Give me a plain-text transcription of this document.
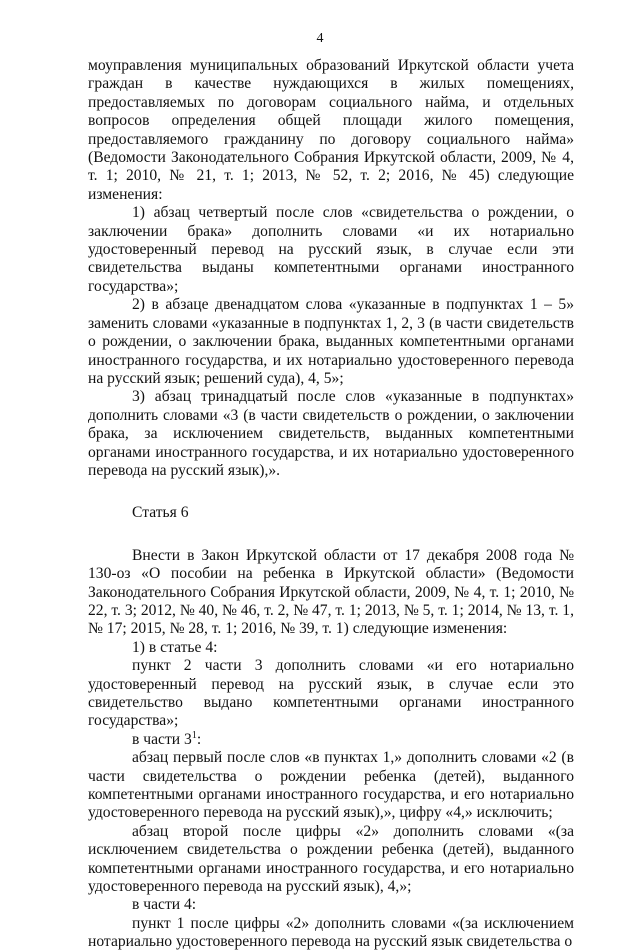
4

моуправления муниципальных образований Иркутской области учета граждан в качестве нуждающихся в жилых помещениях, предоставляемых по договорам социального найма, и отдельных вопросов определения общей площади жилого помещения, предоставляемого гражданину по договору социального найма» (Ведомости Законодательного Собрания Иркутской области, 2009, № 4, т. 1; 2010, № 21, т. 1; 2013, № 52, т. 2; 2016, № 45) следующие изменения:

1) абзац четвертый после слов «свидетельства о рождении, о заключении брака» дополнить словами «и их нотариально удостоверенный перевод на русский язык, в случае если эти свидетельства выданы компетентными органами иностранного государства»;

2) в абзаце двенадцатом слова «указанные в подпунктах 1 – 5» заменить словами «указанные в подпунктах 1, 2, 3 (в части свидетельств о рождении, о заключении брака, выданных компетентными органами иностранного государства, и их нотариально удостоверенного перевода на русский язык; решений суда), 4, 5»;

3) абзац тринадцатый после слов «указанные в подпунктах» дополнить словами «3 (в части свидетельств о рождении, о заключении брака, за исключением свидетельств, выданных компетентными органами иностранного государства, и их нотариально удостоверенного перевода на русский язык),».

Статья 6

Внести в Закон Иркутской области от 17 декабря 2008 года № 130-оз «О пособии на ребенка в Иркутской области» (Ведомости Законодательного Собрания Иркутской области, 2009, № 4, т. 1; 2010, № 22, т. 3; 2012, № 40, № 46, т. 2, № 47, т. 1; 2013, № 5, т. 1; 2014, № 13, т. 1, № 17; 2015, № 28, т. 1; 2016, № 39, т. 1) следующие изменения:

1) в статье 4:

пункт 2 части 3 дополнить словами «и его нотариально удостоверенный перевод на русский язык, в случае если это свидетельство выдано компетентными органами иностранного государства»;

в части $3^1$:

абзац первый после слов «в пунктах 1,» дополнить словами «2 (в части свидетельства о рождении ребенка (детей), выданного компетентными органами иностранного государства, и его нотариально удостоверенного перевода на русский язык),», цифру «4,» исключить;

абзац второй после цифры «2» дополнить словами «(за исключением свидетельства о рождении ребенка (детей), выданного компетентными органами иностранного государства, и его нотариально удостоверенного перевода на русский язык), 4,»;

в части 4:

пункт 1 после цифры «2» дополнить словами «(за исключением нотариально удостоверенного перевода на русский язык свидетельства о
